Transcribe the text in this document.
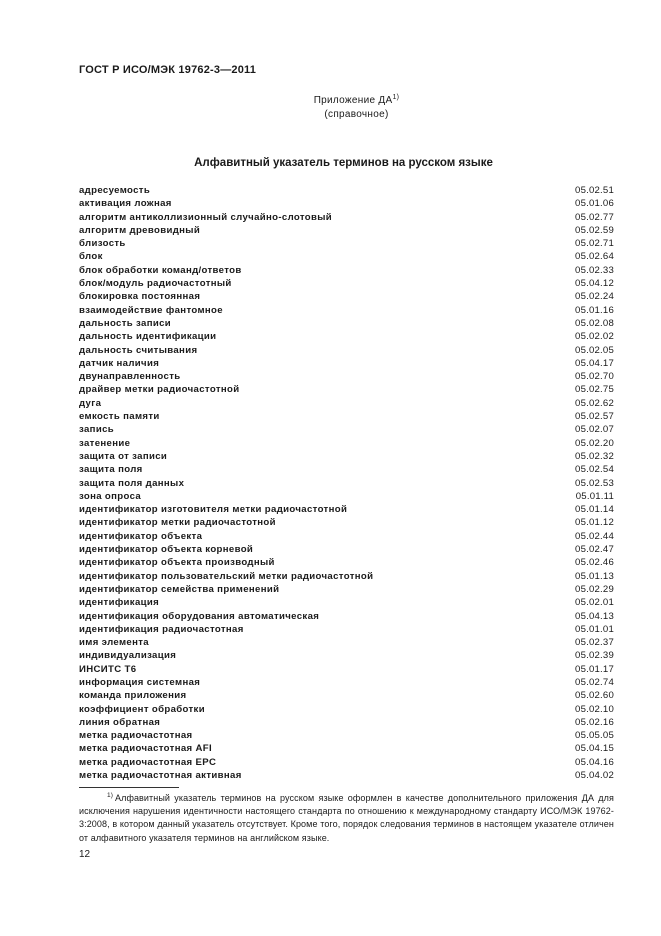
ГОСТ Р ИСО/МЭК 19762-3—2011
Приложение ДА$^{1)}$
(справочное)
Алфавитный указатель терминов на русском языке
адресуемость	05.02.51
активация ложная	05.01.06
алгоритм антиколлизионный случайно-слотовый	05.02.77
алгоритм древовидный	05.02.59
близость	05.02.71
блок	05.02.64
блок обработки команд/ответов	05.02.33
блок/модуль радиочастотный	05.04.12
блокировка постоянная	05.02.24
взаимодействие фантомное	05.01.16
дальность записи	05.02.08
дальность идентификации	05.02.02
дальность считывания	05.02.05
датчик наличия	05.04.17
двунаправленность	05.02.70
драйвер метки радиочастотной	05.02.75
дуга	05.02.62
емкость памяти	05.02.57
запись	05.02.07
затенение	05.02.20
защита от записи	05.02.32
защита поля	05.02.54
защита поля данных	05.02.53
зона опроса	05.01.11
идентификатор изготовителя метки радиочастотной	05.01.14
идентификатор метки радиочастотной	05.01.12
идентификатор объекта	05.02.44
идентификатор объекта корневой	05.02.47
идентификатор объекта производный	05.02.46
идентификатор пользовательский метки радиочастотной	05.01.13
идентификатор семейства применений	05.02.29
идентификация	05.02.01
идентификация оборудования автоматическая	05.04.13
идентификация радиочастотная	05.01.01
имя элемента	05.02.37
индивидуализация	05.02.39
ИНСИТС Т6	05.01.17
информация системная	05.02.74
команда приложения	05.02.60
коэффициент обработки	05.02.10
линия обратная	05.02.16
метка радиочастотная	05.05.05
метка радиочастотная AFI	05.04.15
метка радиочастотная EPC	05.04.16
метка радиочастотная активная	05.04.02
$^{1)}$ Алфавитный указатель терминов на русском языке оформлен в качестве дополнительного приложения ДА для исключения нарушения идентичности настоящего стандарта по отношению к международному стандарту ИСО/МЭК 19762-3:2008, в котором данный указатель отсутствует. Кроме того, порядок следования терминов в настоящем указателе отличен от алфавитного указателя терминов на английском языке.
12
